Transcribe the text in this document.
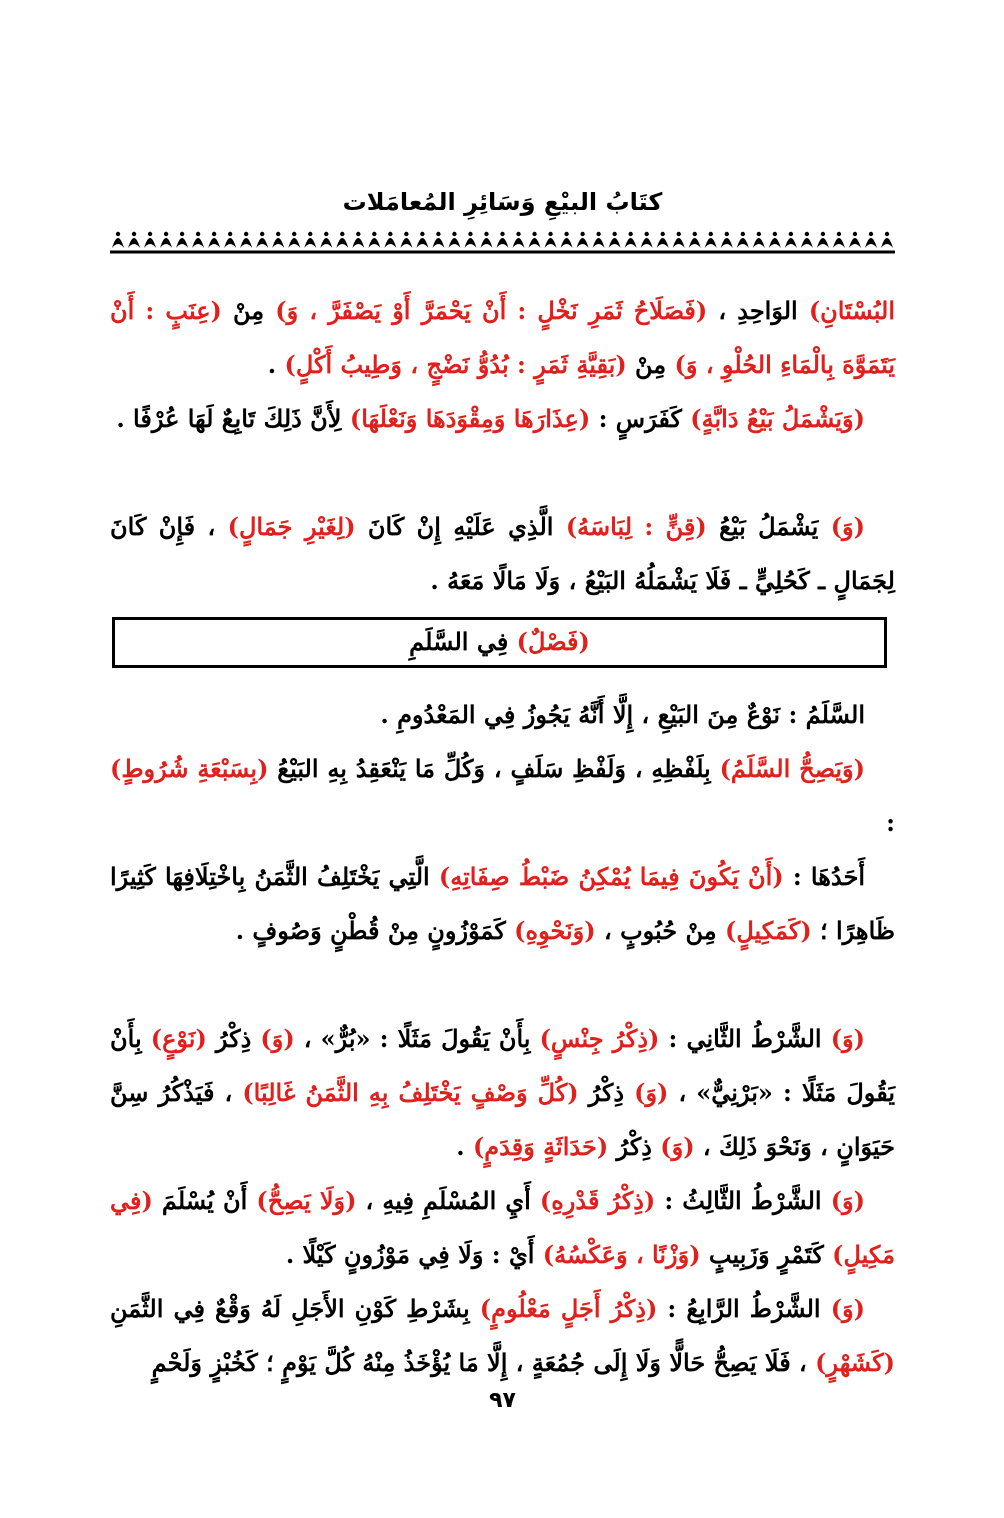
كتَابُ البيْعِ وَسَائِرِ المُعامَلات
البُسْتَانِ) الوَاحِدِ ، (فَصَلَاحُ ثَمَرِ نَخْلٍ : أَنْ يَحْمَرَّ أَوْ يَصْفَرَّ ، وَ) مِنْ (عِنَبٍ : أَنْ يَتَمَوَّهَ بِالْمَاءِ الحُلْوِ ، وَ) مِنْ (بَقِيَّةِ ثَمَرٍ : بُدُوُّ نَضْجٍ ، وَطِيبُ أَكْلٍ) .
(وَيَشْمَلُ بَيْعُ دَابَّةٍ) كَفَرَسٍ : (عِذَارَهَا وَمِقْوَدَهَا وَنَعْلَهَا) لِأَنَّ ذَلِكَ تَابِعٌ لَهَا عُرْفًا .
(وَ) يَشْمَلُ بَيْعُ (قِنٍّ : لِبَاسَهُ) الَّذِي عَلَيْهِ إِنْ كَانَ (لِغَيْرِ جَمَالٍ) ، فَإِنْ كَانَ لِجَمَالٍ ـ كَحُلِيٍّ ـ فَلَا يَشْمَلُهُ البَيْعُ ، وَلَا مَالًا مَعَهُ .
(فَصْلٌ) فِي السَّلَمِ
السَّلَمُ : نَوْعٌ مِنَ البَيْعِ ، إِلَّا أَنَّهُ يَجُوزُ فِي المَعْدُومِ .
(وَيَصِحُّ السَّلَمُ) بِلَفْظِهِ ، وَلَفْظِ سَلَفٍ ، وَكُلِّ مَا يَنْعَقِدُ بِهِ البَيْعُ (بِسَبْعَةِ شُرُوطٍ) :
أَحَدُهَا : (أَنْ يَكُونَ فِيمَا يُمْكِنُ ضَبْطُ صِفَاتِهِ) الَّتِي يَخْتَلِفُ الثَّمَنُ بِاخْتِلَافِهَا كَثِيرًا ظَاهِرًا ؛ (كَمَكِيلٍ) مِنْ حُبُوبٍ ، (وَنَحْوِهِ) كَمَوْزُونٍ مِنْ قُطْنٍ وَصُوفٍ .
(وَ) الشَّرْطُ الثَّانِي : (ذِكْرُ جِنْسٍ) بِأَنْ يَقُولَ مَثَلًا : «بُرٌّ» ، (وَ) ذِكْرُ (نَوْعٍ) بِأَنْ يَقُولَ مَثَلًا : «بَرْنِيٌّ» ، (وَ) ذِكْرُ (كُلِّ وَصْفٍ يَخْتَلِفُ بِهِ الثَّمَنُ غَالِبًا) ، فَيَذْكُرُ سِنَّ حَيَوَانٍ ، وَنَحْوَ ذَلِكَ ، (وَ) ذِكْرُ (حَدَاثَةٍ وَقِدَمٍ) .
(وَ) الشَّرْطُ الثَّالِثُ : (ذِكْرُ قَدْرِهِ) أَيِ المُسْلَمِ فِيهِ ، (وَلَا يَصِحُّ) أَنْ يُسْلَمَ (فِي مَكِيلٍ) كَتَمْرٍ وَزَبِيبٍ (وَزْنًا ، وَعَكْسُهُ) أَيْ : وَلَا فِي مَوْزُونٍ كَيْلًا .
(وَ) الشَّرْطُ الرَّابِعُ : (ذِكْرُ أَجَلٍ مَعْلُومٍ) بِشَرْطِ كَوْنِ الأَجَلِ لَهُ وَقْعٌ فِي الثَّمَنِ (كَشَهْرٍ) ، فَلَا يَصِحُّ حَالًّا وَلَا إِلَى جُمُعَةٍ ، إِلَّا مَا يُؤْخَذُ مِنْهُ كُلَّ يَوْمٍ ؛ كَخُبْزٍ وَلَحْمٍ
٩٧
